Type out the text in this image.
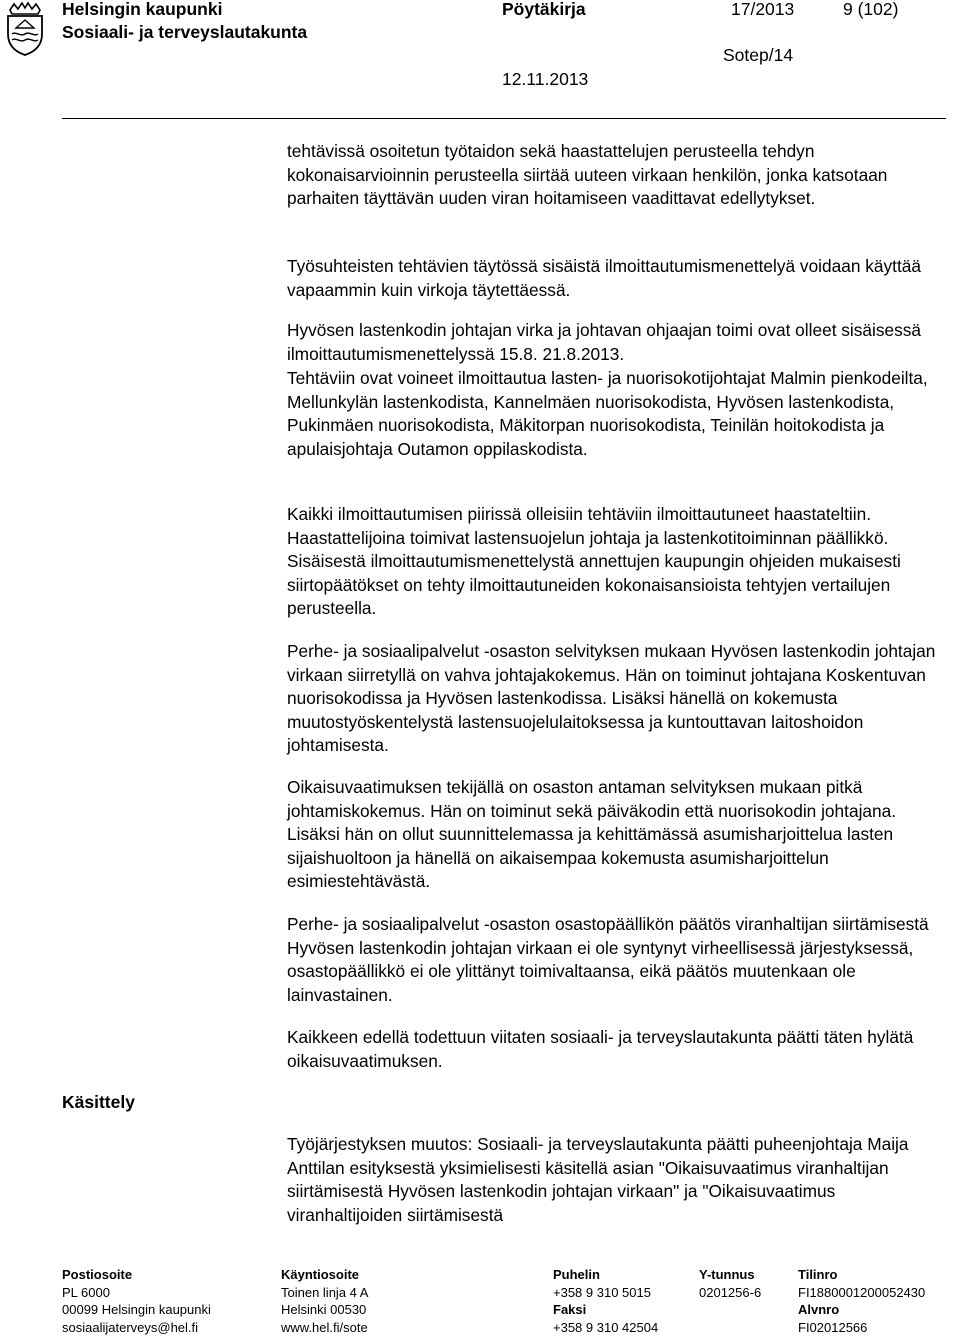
Helsingin kaupunki
Sosiaali- ja terveyslautakunta
Pöytäkirja	17/2013	9 (102)
Sotep/14
12.11.2013

tehtävissä osoitetun työtaidon sekä haastattelujen perusteella tehdyn kokonaisarvioinnin perusteella siirtää uuteen virkaan henkilön, jonka katsotaan parhaiten täyttävän uuden viran hoitamiseen vaadittavat edellytykset.

Työsuhteisten tehtävien täytössä sisäistä ilmoittautumismenettelyä voidaan käyttää vapaammin kuin virkoja täytettäessä.

Hyvösen lastenkodin johtajan virka ja johtavan ohjaajan toimi ovat olleet sisäisessä ilmoittautumismenettelyssä 15.8. 21.8.2013.

Tehtäviin ovat voineet ilmoittautua lasten- ja nuorisokotijohtajat Malmin pienkodeilta, Mellunkylän lastenkodista, Kannelmäen nuorisokodista, Hyvösen lastenkodista, Pukinmäen nuorisokodista, Mäkitorpan nuorisokodista, Teinilän hoitokodista ja apulaisjohtaja Outamon oppilaskodista.

Kaikki ilmoittautumisen piirissä olleisiin tehtäviin ilmoittautuneet haastateltiin. Haastattelijoina toimivat lastensuojelun johtaja ja lastenkotitoiminnan päällikkö. Sisäisestä ilmoittautumismenettelystä annettujen kaupungin ohjeiden mukaisesti siirtopäätökset on tehty ilmoittautuneiden kokonaisansioista tehtyjen vertailujen perusteella.

Perhe- ja sosiaalipalvelut -osaston selvityksen mukaan Hyvösen lastenkodin johtajan virkaan siirretyllä on vahva johtajakokemus. Hän on toiminut johtajana Koskentuvan nuorisokodissa ja Hyvösen lastenkodissa. Lisäksi hänellä on kokemusta muutostyöskentelystä lastensuojelulaitoksessa ja kuntouttavan laitoshoidon johtamisesta.

Oikaisuvaatimuksen tekijällä on osaston antaman selvityksen mukaan pitkä johtamiskokemus. Hän on toiminut sekä päiväkodin että nuorisokodin johtajana. Lisäksi hän on ollut suunnittelemassa ja kehittämässä asumisharjoittelua lasten sijaishuoltoon ja hänellä on aikaisempaa kokemusta asumisharjoittelun esimiestehtävästä.

Perhe- ja sosiaalipalvelut -osaston osastopäällikön päätös viranhaltijan siirtämisestä Hyvösen lastenkodin johtajan virkaan ei ole syntynyt virheellisessä järjestyksessä, osastopäällikkö ei ole ylittänyt toimivaltaansa, eikä päätös muutenkaan ole lainvastainen.

Kaikkeen edellä todettuun viitaten sosiaali- ja terveyslautakunta päätti täten hylätä oikaisuvaatimuksen.

Käsittely

Työjärjestyksen muutos: Sosiaali- ja terveyslautakunta päätti puheenjohtaja Maija Anttilan esityksestä yksimielisesti käsitellä asian "Oikaisuvaatimus viranhaltijan siirtämisestä Hyvösen lastenkodin johtajan virkaan" ja "Oikaisuvaatimus viranhaltijoiden siirtämisestä

Postiosoite
PL 6000
00099 Helsingin kaupunki
sosiaalijaterveys@hel.fi
Käyntiosoite
Toinen linja 4 A
Helsinki 00530
www.hel.fi/sote
Puhelin
+358 9 310 5015
Faksi
+358 9 310 42504
Y-tunnus
0201256-6
Tilinro
FI1880001200052430
Alvnro
FI02012566
